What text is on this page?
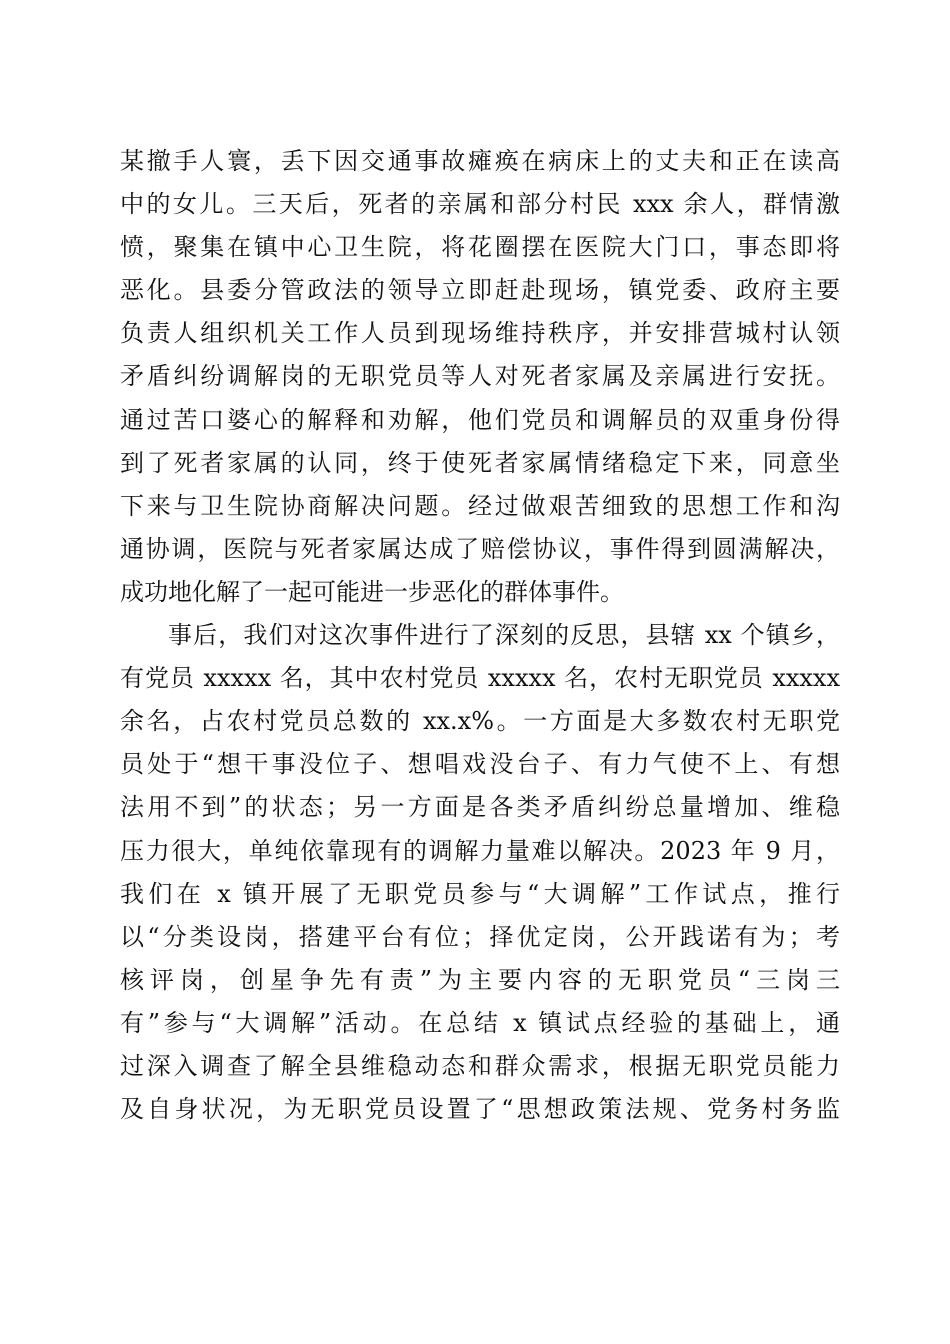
某撤手人寰，丢下因交通事故瘫痪在病床上的丈夫和正在读高
中的女儿。三天后，死者的亲属和部分村民 xxx 余人，群情激
愤，聚集在镇中心卫生院，将花圈摆在医院大门口，事态即将
恶化。县委分管政法的领导立即赶赴现场，镇党委、政府主要
负责人组织机关工作人员到现场维持秩序，并安排营城村认领
矛盾纠纷调解岗的无职党员等人对死者家属及亲属进行安抚。
通过苦口婆心的解释和劝解，他们党员和调解员的双重身份得
到了死者家属的认同，终于使死者家属情绪稳定下来，同意坐
下来与卫生院协商解决问题。经过做艰苦细致的思想工作和沟
通协调，医院与死者家属达成了赔偿协议，事件得到圆满解决，
成功地化解了一起可能进一步恶化的群体事件。
事后，我们对这次事件进行了深刻的反思，县辖 xx 个镇乡，
有党员 xxxxx 名，其中农村党员 xxxxx 名，农村无职党员 xxxxx
余名，占农村党员总数的 xx.x%。一方面是大多数农村无职党
员处于“想干事没位子、想唱戏没台子、有力气使不上、有想
法用不到”的状态；另一方面是各类矛盾纠纷总量增加、维稳
压力很大，单纯依靠现有的调解力量难以解决。2023 年 9 月，
我们在 x 镇开展了无职党员参与“大调解”工作试点，推行
以“分类设岗，搭建平台有位；择优定岗，公开践诺有为；考
核评岗，创星争先有责”为主要内容的无职党员“三岗三
有”参与“大调解”活动。在总结 x 镇试点经验的基础上，通
过深入调查了解全县维稳动态和群众需求，根据无职党员能力
及自身状况，为无职党员设置了“思想政策法规、党务村务监
